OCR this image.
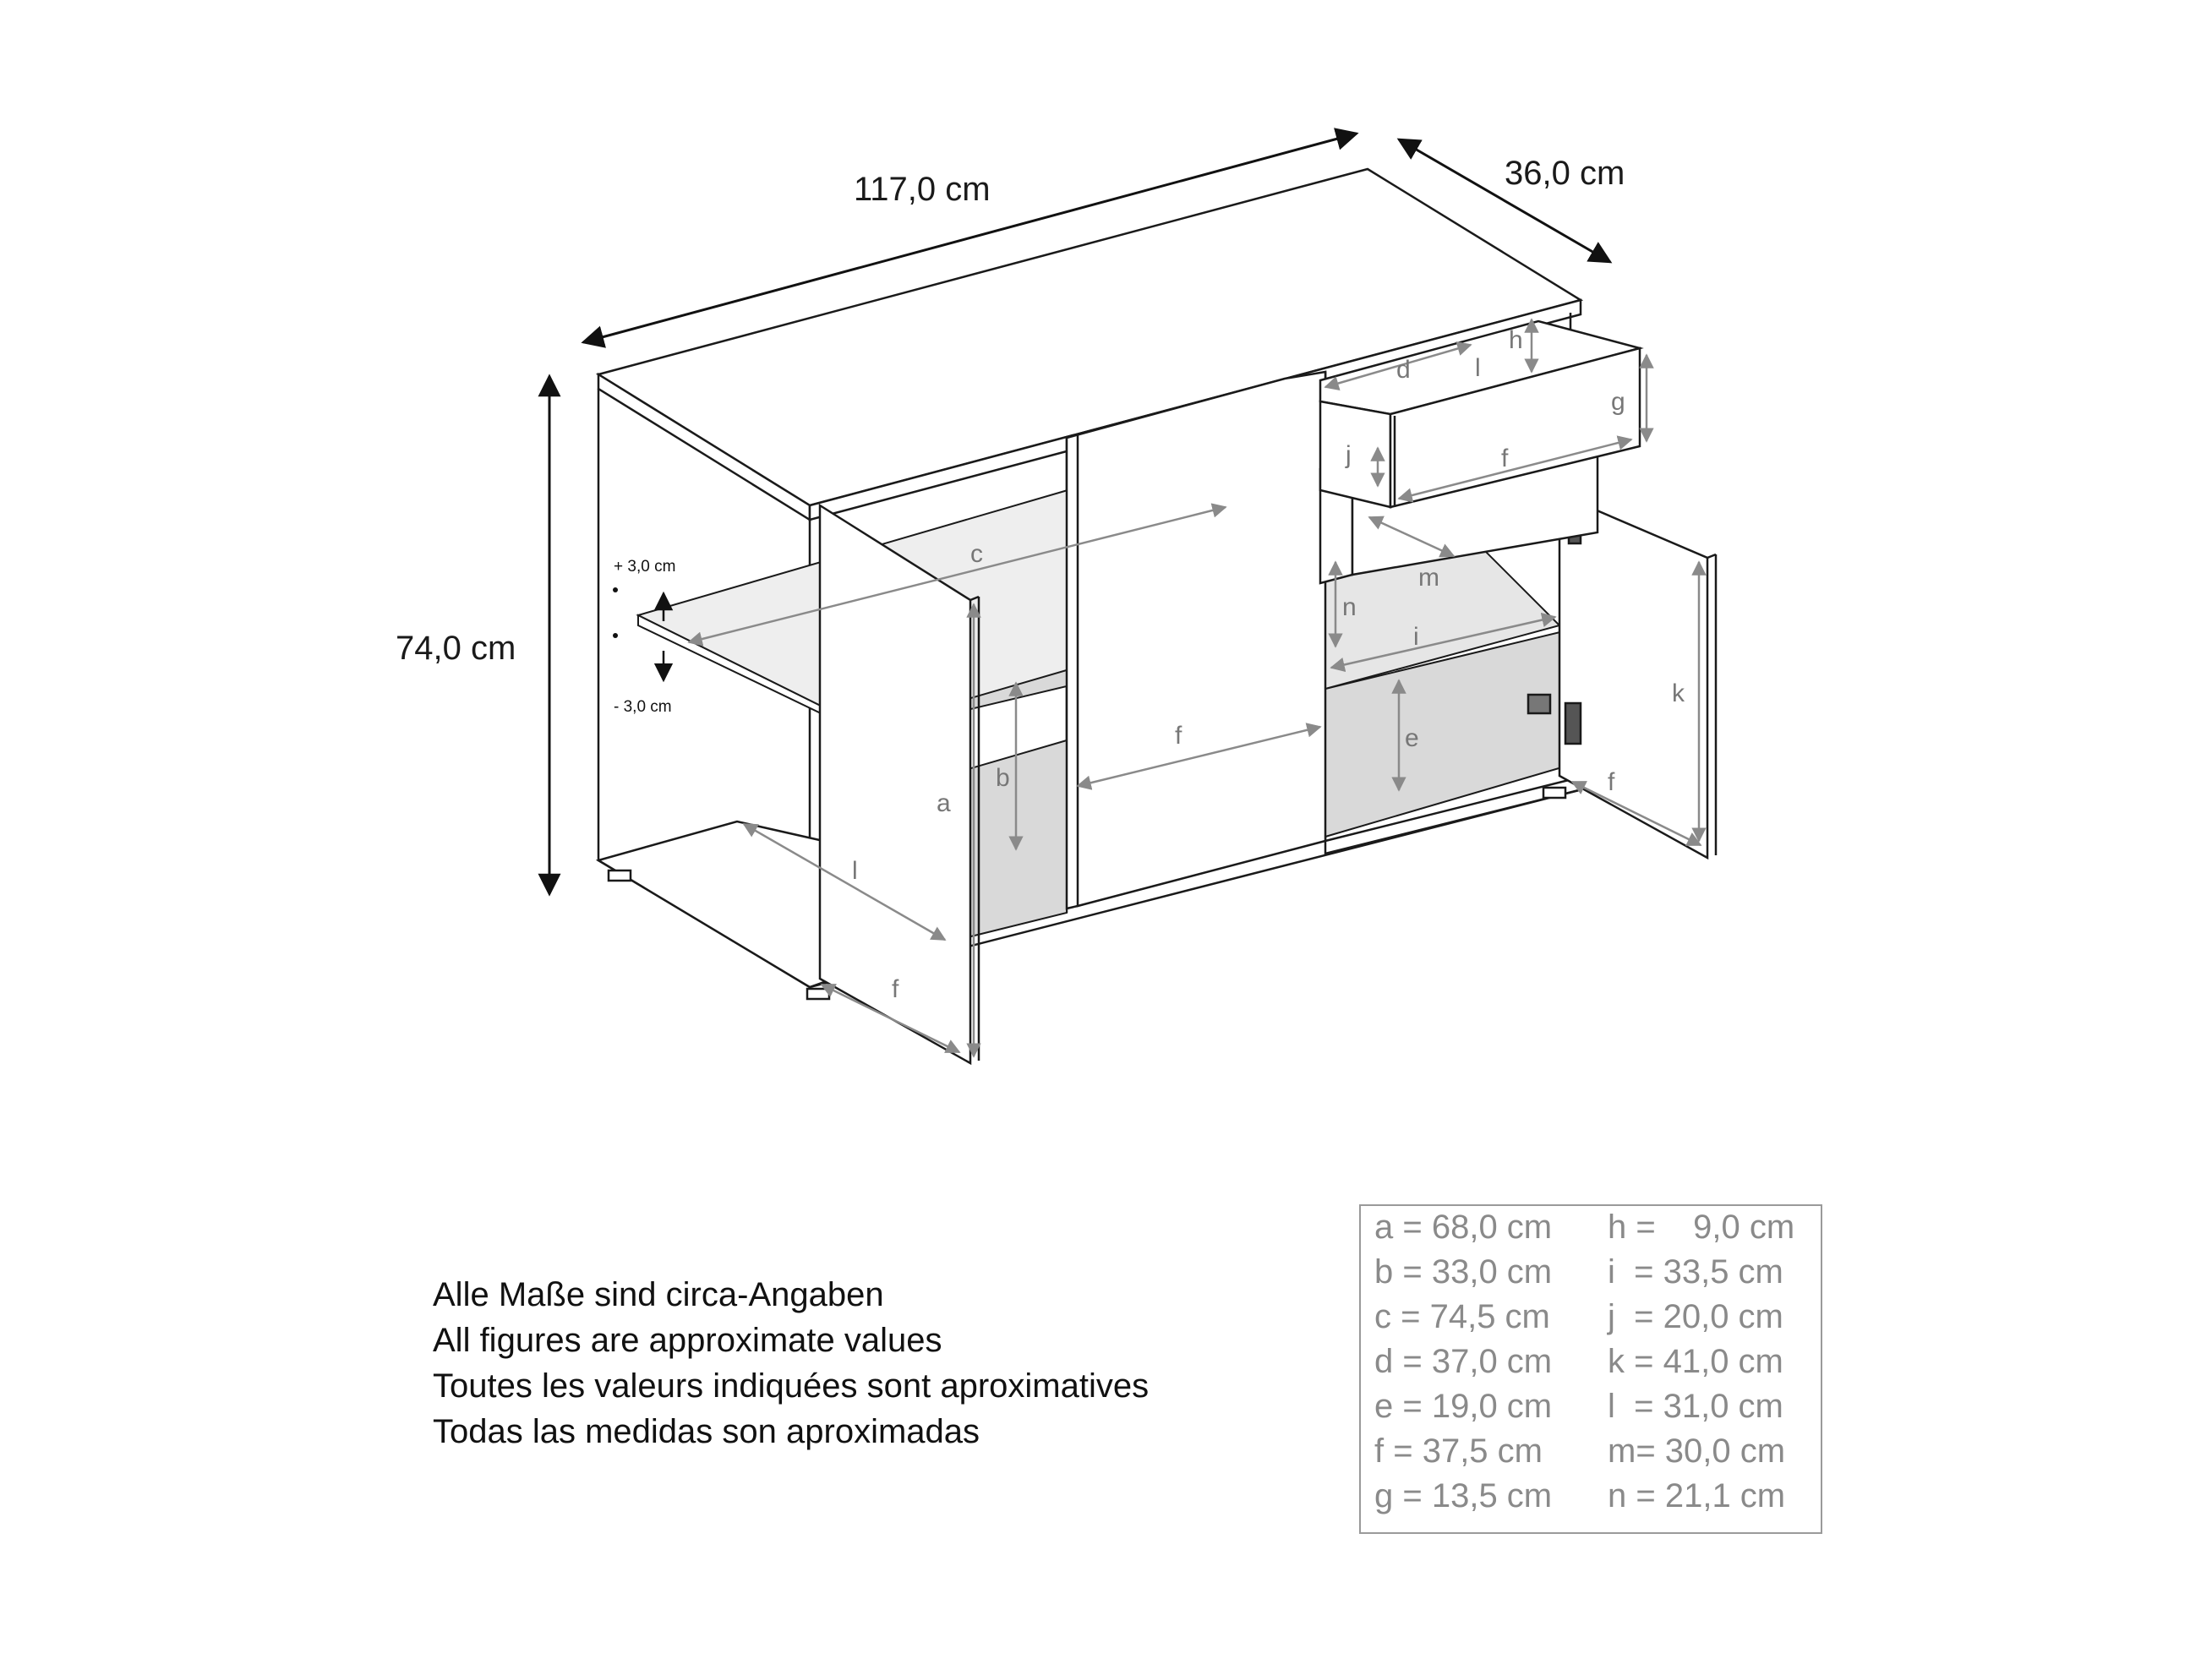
117,0 cm	36,0 cm
74,0 cm
+ 3,0 cm
- 3,0 cm
c
a
b
l
f
f	e
i
n
m
d	l
f
g
h
j
f
k
Alle Maße sind circa-Angaben
All figures are approximate values
Toutes les valeurs indiquées sont aproximatives
Todas las medidas son aproximadas
a = 68,0 cm h =    9,0 cm
b = 33,0 cm i  = 33,5 cm
c = 74,5 cm j  = 20,0 cm
d = 37,0 cm k = 41,0 cm
e = 19,0 cm l  = 31,0 cm
f = 37,5 cm m= 30,0 cm
g = 13,5 cm n = 21,1 cm
